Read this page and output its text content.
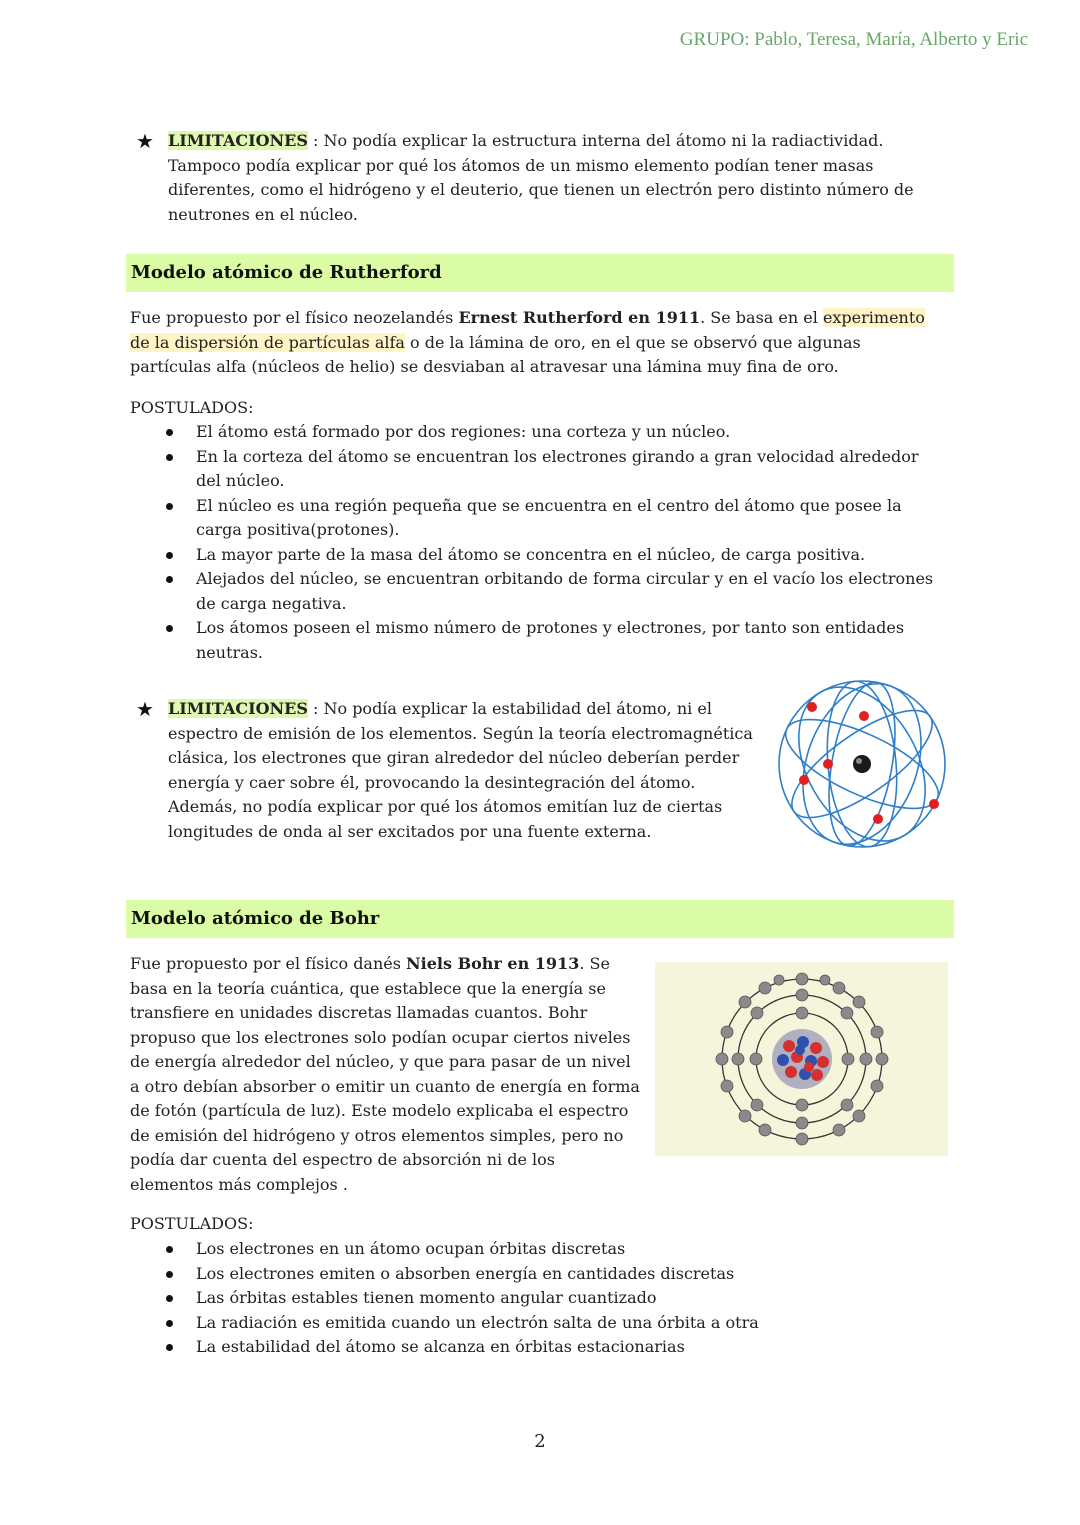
GRUPO: Pablo, Teresa, María, Alberto y Eric
★ LIMITACIONES : No podía explicar la estructura interna del átomo ni la radiactividad. Tampoco podía explicar por qué los átomos de un mismo elemento podían tener masas diferentes, como el hidrógeno y el deuterio, que tienen un electrón pero distinto número de neutrones en el núcleo.
Modelo atómico de Rutherford

Fue propuesto por el físico neozelandés Ernest Rutherford en 1911. Se basa en el experimento de la dispersión de partículas alfa o de la lámina de oro, en el que se observó que algunas partículas alfa (núcleos de helio) se desviaban al atravesar una lámina muy fina de oro.

POSTULADOS:

El átomo está formado por dos regiones: una corteza y un núcleo.
En la corteza del átomo se encuentran los electrones girando a gran velocidad alrededor del núcleo.
El núcleo es una región pequeña que se encuentra en el centro del átomo que posee la carga positiva(protones).
La mayor parte de la masa del átomo se concentra en el núcleo, de carga positiva.
Alejados del núcleo, se encuentran orbitando de forma circular y en el vacío los electrones de carga negativa.
Los átomos poseen el mismo número de protones y electrones, por tanto son entidades neutras.
★ LIMITACIONES : No podía explicar la estabilidad del átomo, ni el espectro de emisión de los elementos. Según la teoría electromagnética clásica, los electrones que giran alrededor del núcleo deberían perder energía y caer sobre él, provocando la desintegración del átomo. Además, no podía explicar por qué los átomos emitían luz de ciertas longitudes de onda al ser excitados por una fuente externa.
Modelo atómico de Bohr

Fue propuesto por el físico danés Niels Bohr en 1913. Se basa en la teoría cuántica, que establece que la energía se transfiere en unidades discretas llamadas cuantos. Bohr propuso que los electrones solo podían ocupar ciertos niveles de energía alrededor del núcleo, y que para pasar de un nivel a otro debían absorber o emitir un cuanto de energía en forma de fotón (partícula de luz). Este modelo explicaba el espectro de emisión del hidrógeno y otros elementos simples, pero no podía dar cuenta del espectro de absorción ni de los elementos más complejos .

POSTULADOS:

Los electrones en un átomo ocupan órbitas discretas
Los electrones emiten o absorben energía en cantidades discretas
Las órbitas estables tienen momento angular cuantizado
La radiación es emitida cuando un electrón salta de una órbita a otra
La estabilidad del átomo se alcanza en órbitas estacionarias
2
